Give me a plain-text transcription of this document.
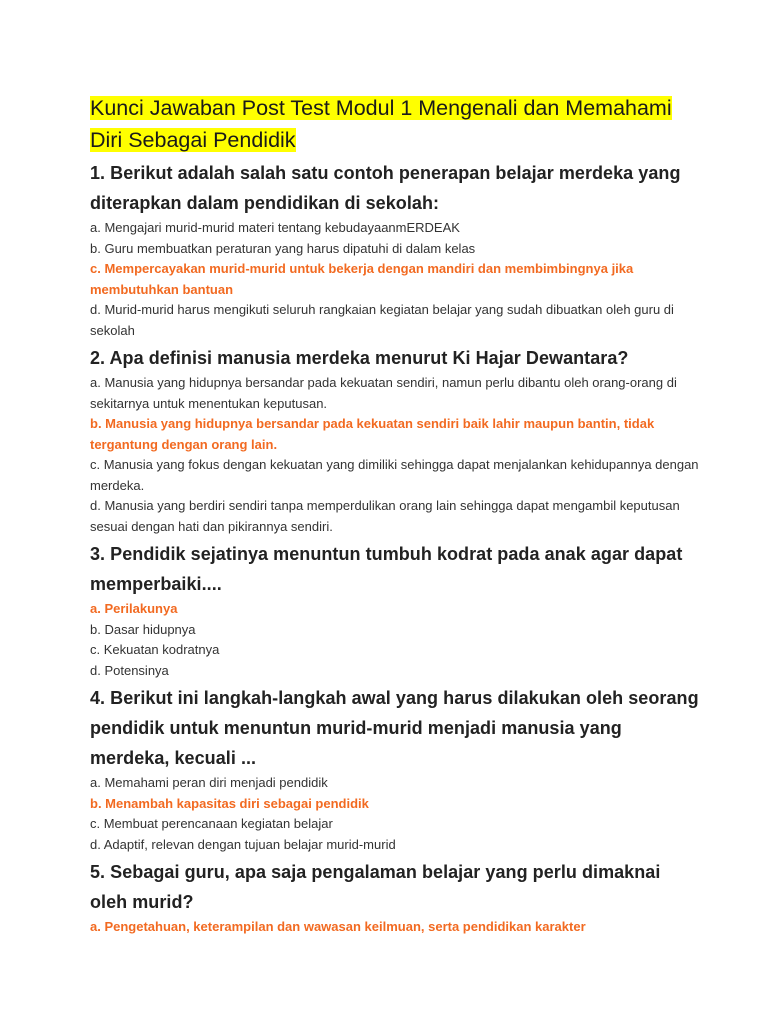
Kunci Jawaban Post Test Modul 1 Mengenali dan Memahami Diri Sebagai Pendidik

1. Berikut adalah salah satu contoh penerapan belajar merdeka yang diterapkan dalam pendidikan di sekolah:

a. Mengajari murid-murid materi tentang kebudayaanmERDEAK

b. Guru membuatkan peraturan yang harus dipatuhi di dalam kelas

c. Mempercayakan murid-murid untuk bekerja dengan mandiri dan membimbingnya jika membutuhkan bantuan

d. Murid-murid harus mengikuti seluruh rangkaian kegiatan belajar yang sudah dibuatkan oleh guru di sekolah

2. Apa definisi manusia merdeka menurut Ki Hajar Dewantara?

a. Manusia yang hidupnya bersandar pada kekuatan sendiri, namun perlu dibantu oleh orang-orang di sekitarnya untuk menentukan keputusan.

b. Manusia yang hidupnya bersandar pada kekuatan sendiri baik lahir maupun bantin, tidak tergantung dengan orang lain.

c. Manusia yang fokus dengan kekuatan yang dimiliki sehingga dapat menjalankan kehidupannya dengan merdeka.

d. Manusia yang berdiri sendiri tanpa memperdulikan orang lain sehingga dapat mengambil keputusan sesuai dengan hati dan pikirannya sendiri.

3. Pendidik sejatinya menuntun tumbuh kodrat pada anak agar dapat memperbaiki....

a. Perilakunya

b. Dasar hidupnya

c. Kekuatan kodratnya

d. Potensinya

4. Berikut ini langkah-langkah awal yang harus dilakukan oleh seorang pendidik untuk menuntun murid-murid menjadi manusia yang merdeka, kecuali ...

a. Memahami peran diri menjadi pendidik

b. Menambah kapasitas diri sebagai pendidik

c. Membuat perencanaan kegiatan belajar

d. Adaptif, relevan dengan tujuan belajar murid-murid

5. Sebagai guru, apa saja pengalaman belajar yang perlu dimaknai oleh murid?

a. Pengetahuan, keterampilan dan wawasan keilmuan, serta pendidikan karakter
